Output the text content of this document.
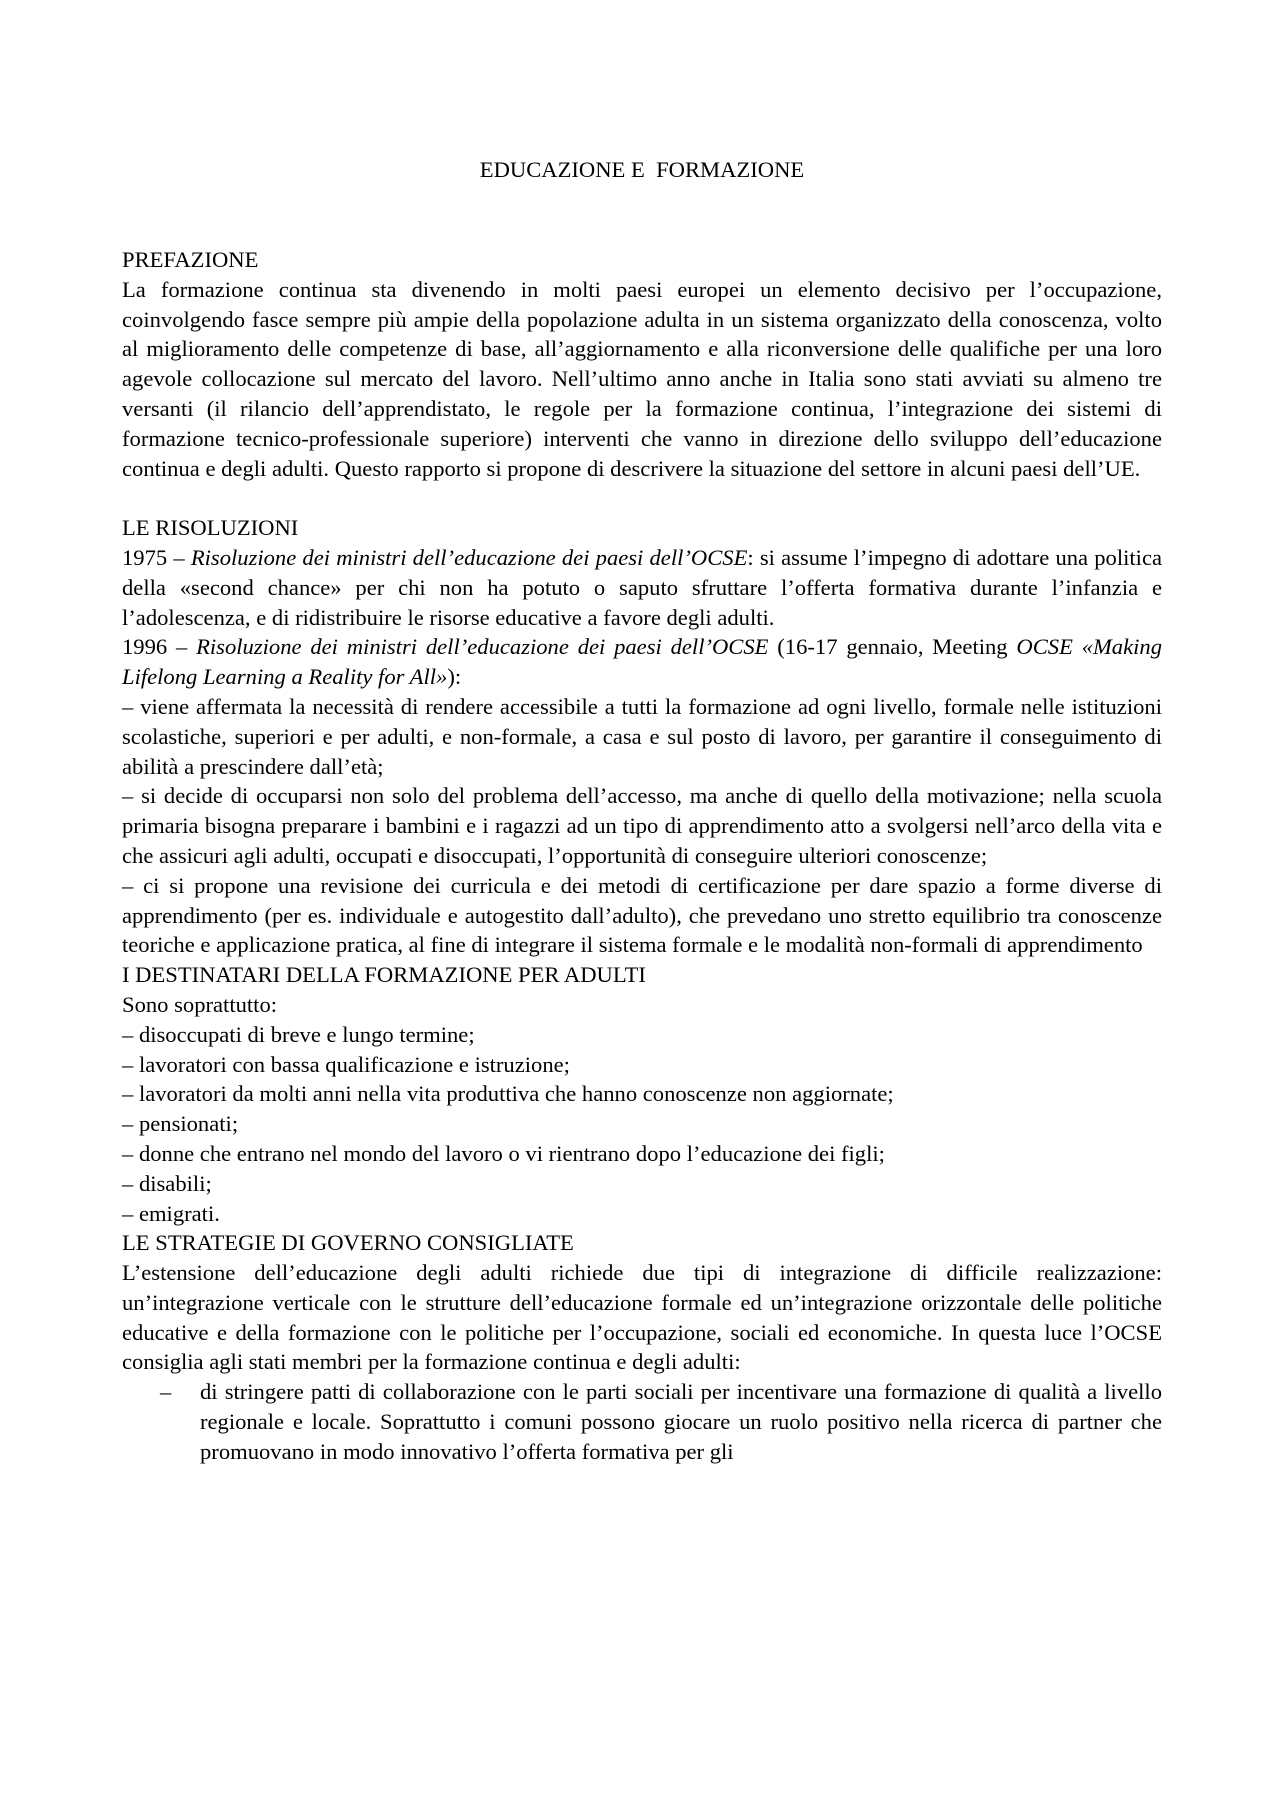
EDUCAZIONE E  FORMAZIONE

PREFAZIONE

La formazione continua sta divenendo in molti paesi europei un elemento decisivo per l’occupazione, coinvolgendo fasce sempre più ampie della popolazione adulta in un sistema organizzato della conoscenza, volto al miglioramento delle competenze di base, all’aggiornamento e alla riconversione delle qualifiche per una loro agevole collocazione sul mercato del lavoro. Nell’ultimo anno anche in Italia sono stati avviati su almeno tre versanti (il rilancio dell’apprendistato, le regole per la formazione continua, l’integrazione dei sistemi di formazione tecnico-professionale superiore) interventi che vanno in direzione dello sviluppo dell’educazione continua e degli adulti. Questo rapporto si propone di descrivere la situazione del settore in alcuni paesi dell’UE.

LE RISOLUZIONI

1975 – Risoluzione dei ministri dell’educazione dei paesi dell’OCSE: si assume l’impegno di adottare una politica della «second chance» per chi non ha potuto o saputo sfruttare l’offerta formativa durante l’infanzia e l’adolescenza, e di ridistribuire le risorse educative a favore degli adulti.

1996 – Risoluzione dei ministri dell’educazione dei paesi dell’OCSE (16-17 gennaio, Meeting OCSE «Making Lifelong Learning a Reality for All»):

– viene affermata la necessità di rendere accessibile a tutti la formazione ad ogni livello, formale nelle istituzioni scolastiche, superiori e per adulti, e non-formale, a casa e sul posto di lavoro, per garantire il conseguimento di abilità a prescindere dall’età;

– si decide di occuparsi non solo del problema dell’accesso, ma anche di quello della motivazione; nella scuola primaria bisogna preparare i bambini e i ragazzi ad un tipo di apprendimento atto a svolgersi nell’arco della vita e che assicuri agli adulti, occupati e disoccupati, l’opportunità di conseguire ulteriori conoscenze;

– ci si propone una revisione dei curricula e dei metodi di certificazione per dare spazio a forme diverse di apprendimento (per es. individuale e autogestito dall’adulto), che prevedano uno stretto equilibrio tra conoscenze teoriche e applicazione pratica, al fine di integrare il sistema formale e le modalità non-formali di apprendimento

I DESTINATARI DELLA FORMAZIONE PER ADULTI

Sono soprattutto:

– disoccupati di breve e lungo termine;

– lavoratori con bassa qualificazione e istruzione;

– lavoratori da molti anni nella vita produttiva che hanno conoscenze non aggiornate;

– pensionati;

– donne che entrano nel mondo del lavoro o vi rientrano dopo l’educazione dei figli;

– disabili;

– emigrati.

LE STRATEGIE DI GOVERNO CONSIGLIATE

L’estensione dell’educazione degli adulti richiede due tipi di integrazione di difficile realizzazione: un’integrazione verticale con le strutture dell’educazione formale ed un’integrazione orizzontale delle politiche educative e della formazione con le politiche per l’occupazione, sociali ed economiche. In questa luce l’OCSE consiglia agli stati membri per la formazione continua e degli adulti:

– di stringere patti di collaborazione con le parti sociali per incentivare una formazione di qualità a livello regionale e locale. Soprattutto i comuni possono giocare un ruolo positivo nella ricerca di partner che promuovano in modo innovativo l’offerta formativa per gli
